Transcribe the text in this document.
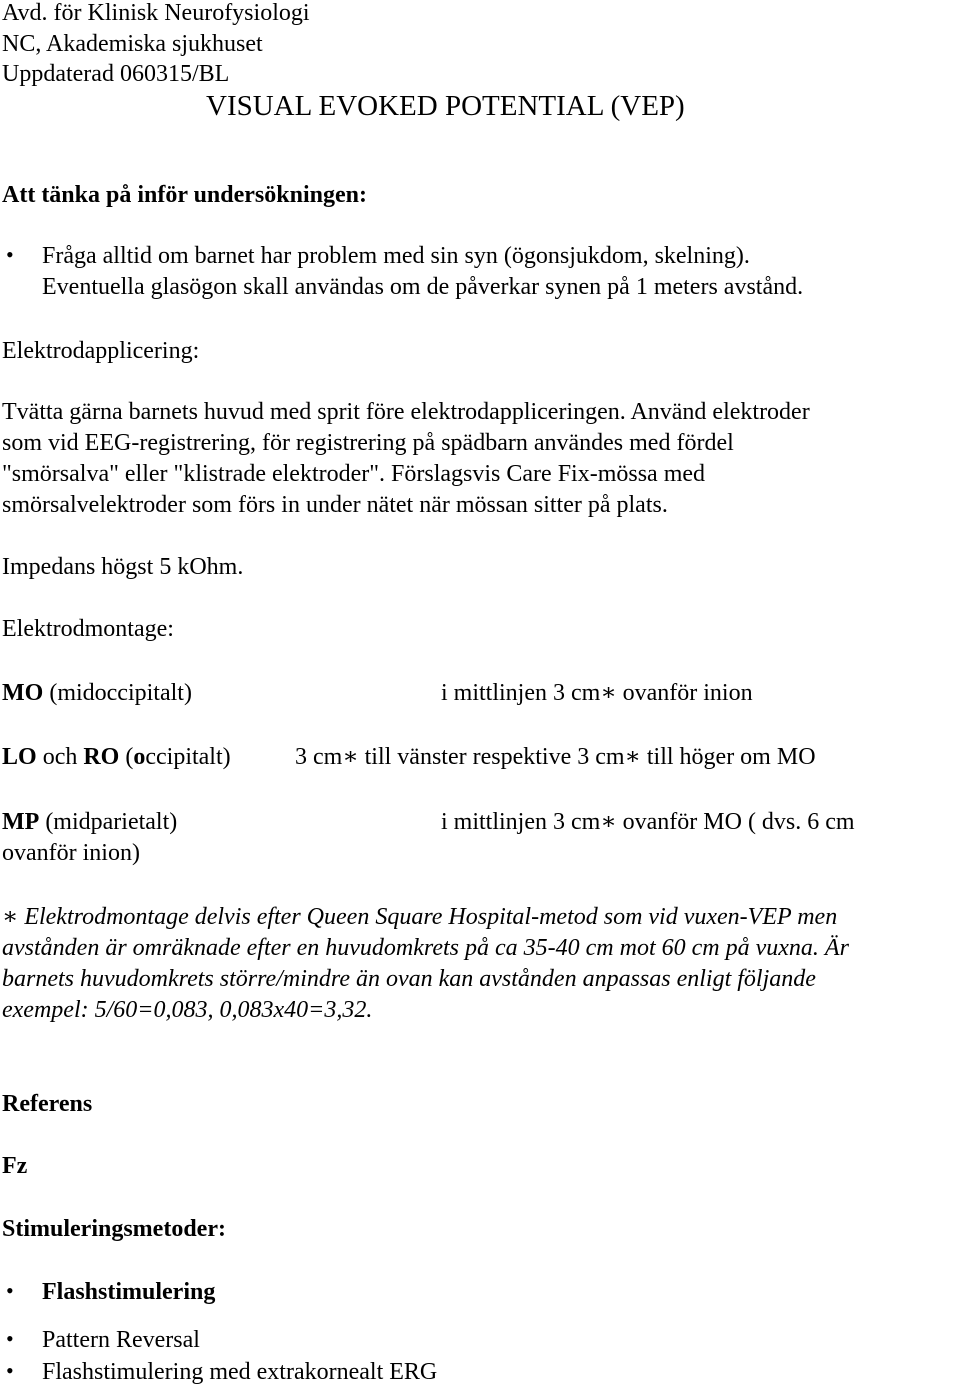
Avd. för Klinisk Neurofysiologi

NC, Akademiska sjukhuset

Uppdaterad 060315/BL

VISUAL EVOKED POTENTIAL (VEP)

Att tänka på inför undersökningen:

• Fråga alltid om barnet har problem med sin syn (ögonsjukdom, skelning).

Eventuella glasögon skall användas om de påverkar synen på 1 meters avstånd.

Elektrodapplicering:

Tvätta gärna barnets huvud med sprit före elektrodappliceringen. Använd elektroder

som vid EEG-registrering, för registrering på spädbarn användes med fördel

"smörsalva" eller "klistrade elektroder". Förslagsvis Care Fix-mössa med

smörsalvelektroder som förs in under nätet när mössan sitter på plats.

Impedans högst 5 kOhm.

Elektrodmontage:

MO (midoccipitalt)	i mittlinjen 3 cm∗ ovanför inion

LO och RO (occipitalt)	3 cm∗ till vänster respektive 3 cm∗ till höger om MO

MP (midparietalt)	i mittlinjen 3 cm∗ ovanför MO ( dvs. 6 cm

ovanför inion)

∗ Elektrodmontage delvis efter Queen Square Hospital-metod som vid vuxen-VEP men

avstånden är omräknade efter en huvudomkrets på ca 35-40 cm mot 60 cm på vuxna. Är

barnets huvudomkrets större/mindre än ovan kan avstånden anpassas enligt följande

exempel: 5/60=0,083, 0,083x40=3,32.

Referens

Fz

Stimuleringsmetoder:

• Flashstimulering

• Pattern Reversal

• Flashstimulering med extrakornealt ERG
